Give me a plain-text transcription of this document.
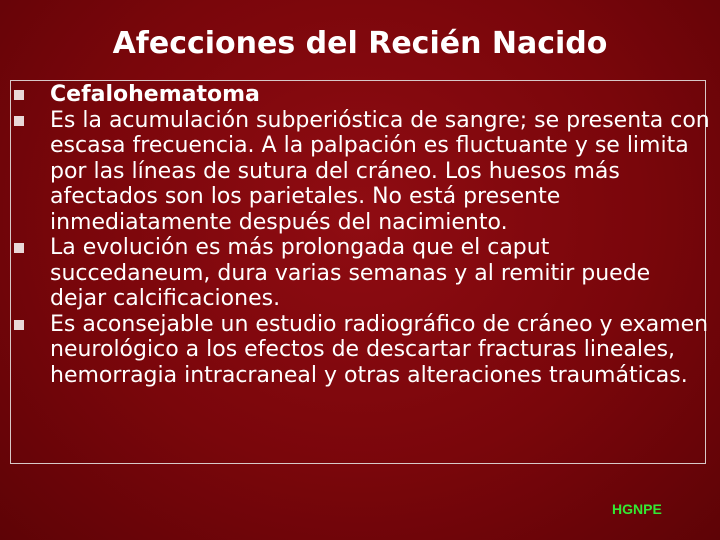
Afecciones del Recién Nacido
Cefalohematoma
Es la acumulación subperióstica de sangre; se presenta con escasa frecuencia. A la palpación es fluctuante y se limita por las líneas de sutura del cráneo. Los huesos más afectados son los parietales. No está presente inmediatamente después del nacimiento.
La evolución es más prolongada que el caput succedaneum, dura varias semanas y al remitir puede dejar calcificaciones.
Es aconsejable un estudio radiográfico de cráneo y examen neurológico a los efectos de descartar fracturas lineales, hemorragia intracraneal y otras alteraciones traumáticas.
HGNPE
